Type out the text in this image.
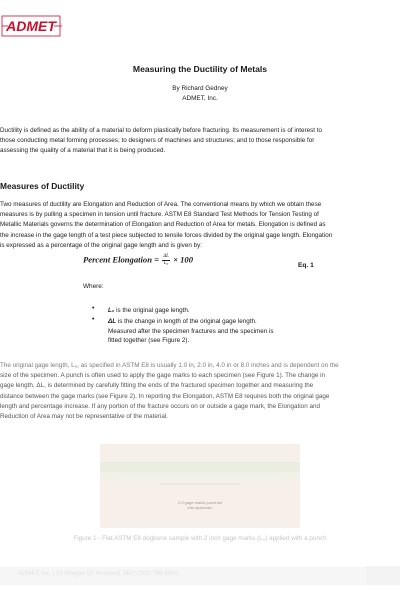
ADMET
Measuring the Ductility of Metals
By Richard Gedney
ADMET, Inc.
Ductility is defined as the ability of a material to deform plastically before fracturing. Its measurement is of interest to
those conducting metal forming processes; to designers of machines and structures; and to those responsible for
assessing the quality of a material that it is being produced.
Measures of Ductility
Two measures of ductility are Elongation and Reduction of Area. The conventional means by which we obtain these
measures is by pulling a specimen in tension until fracture. ASTM E8 Standard Test Methods for Tension Testing of
Metallic Materials governs the determination of Elongation and Reduction of Area for metals. Elongation is defined as
the increase in the gage length of a test piece subjected to tensile forces divided by the original gage length. Elongation
is expressed as a percentage of the original gage length and is given by:
Percent Elongation = $\frac{\Delta L}{\text{L₀}} \times 100$
Eq. 1
Where:
• L₀ is the original gage length.
• ΔL is the change in length of the original gage length.
Measured after the specimen fractures and the specimen is
fitted together (see Figure 2).
The original gage length, L₀, as specified in ASTM E8 is usually 1.0 in, 2.0 in, 4.0 in or 8.0 inches and is dependent on the
size of the specimen. A punch is often used to apply the gage marks to each specimen (see Figure 1). The change in
gage length, ΔL, is determined by carefully fitting the ends of the fractured specimen together and measuring the
distance between the gage marks (see Figure 2). In reporting the Elongation, ASTM E8 requires both the original gage
length and percentage increase. If any portion of the fracture occurs on or outside a gage mark, the Elongation and
Reduction of Area may not be representative of the material.
2.0 gage marks punched
into specimen
Figure 1 - Flat ASTM E8 dogbone sample with 2 inch gage marks (L₀) applied with a punch
ADMET, Inc. | 51 Morgan Dr. Norwood, MA | (781) 769-0850
